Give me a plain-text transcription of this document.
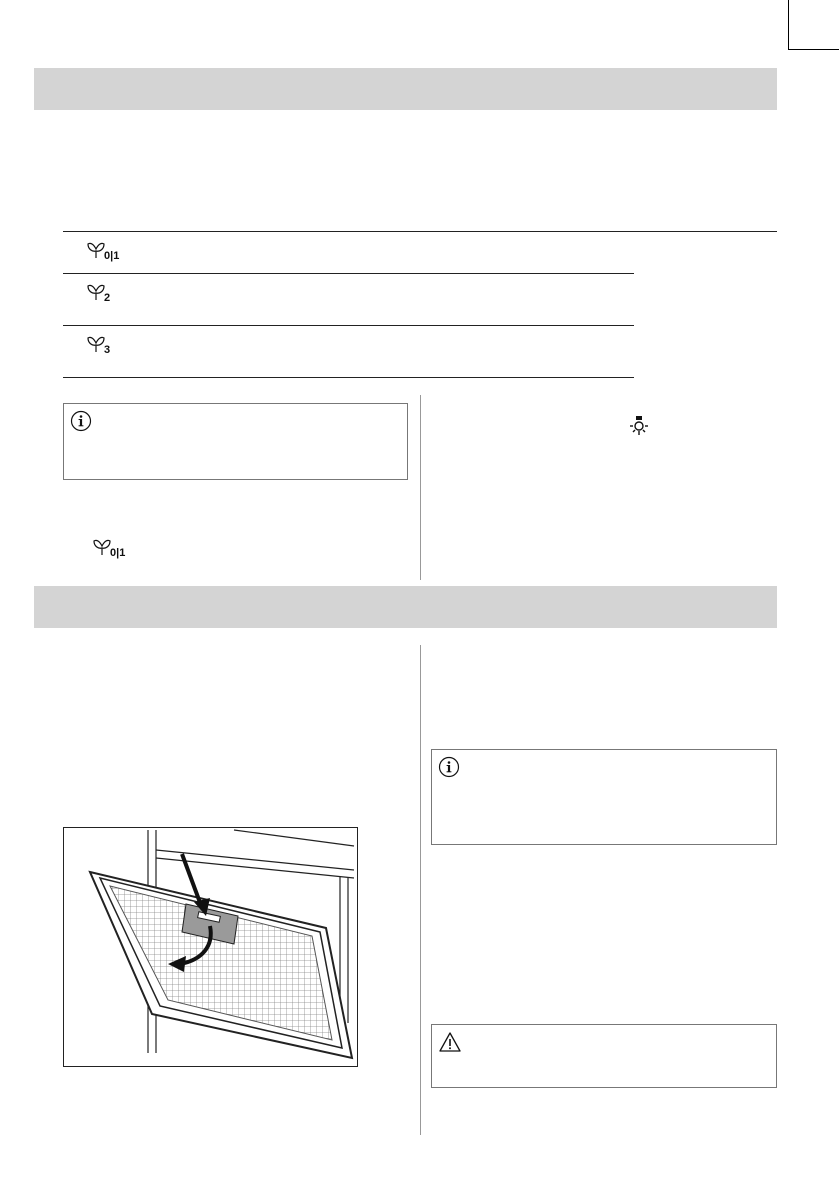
0|1
2
3
0|1
